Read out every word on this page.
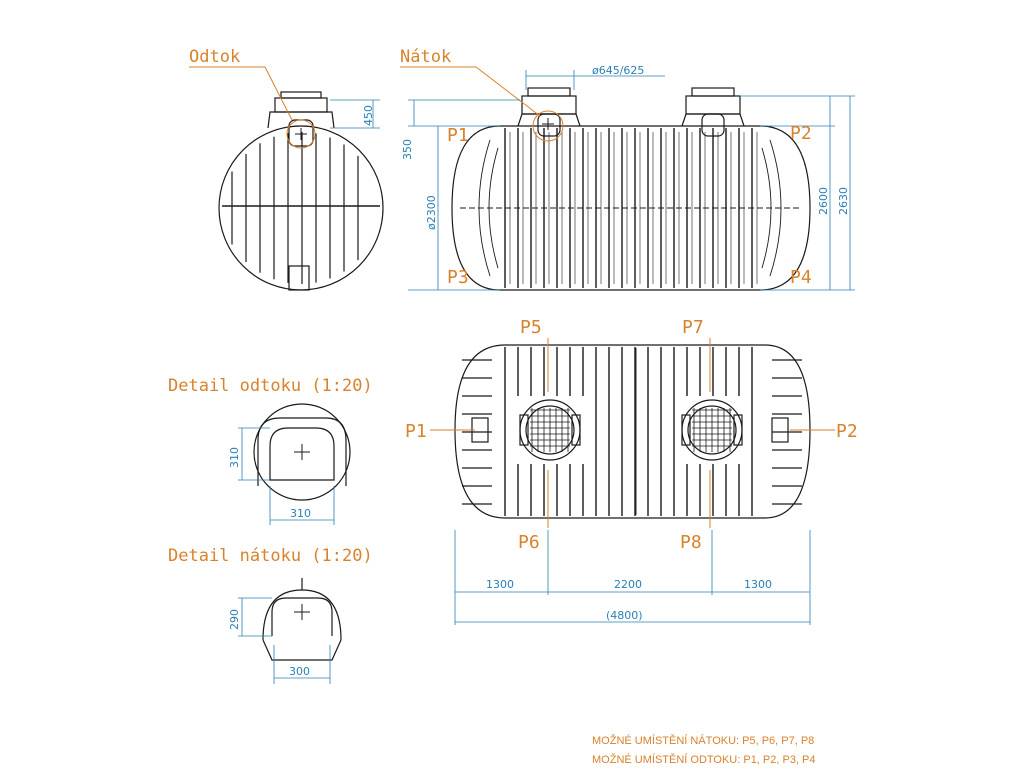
Odtok
450
Nátok
ø645/625
350
ø2300	2600 2630
P1	P2
P3	P4
P5	P7
P6	P8
P1	P2
1300	2200	1300
(4800)
Detail odtoku (1:20)
310
310
Detail nátoku (1:20)
290
300
MOŽNÉ UMÍSTĚNÍ NÁTOKU: P5, P6, P7, P8
MOŽNÉ UMÍSTĚNÍ ODTOKU: P1, P2, P3, P4
